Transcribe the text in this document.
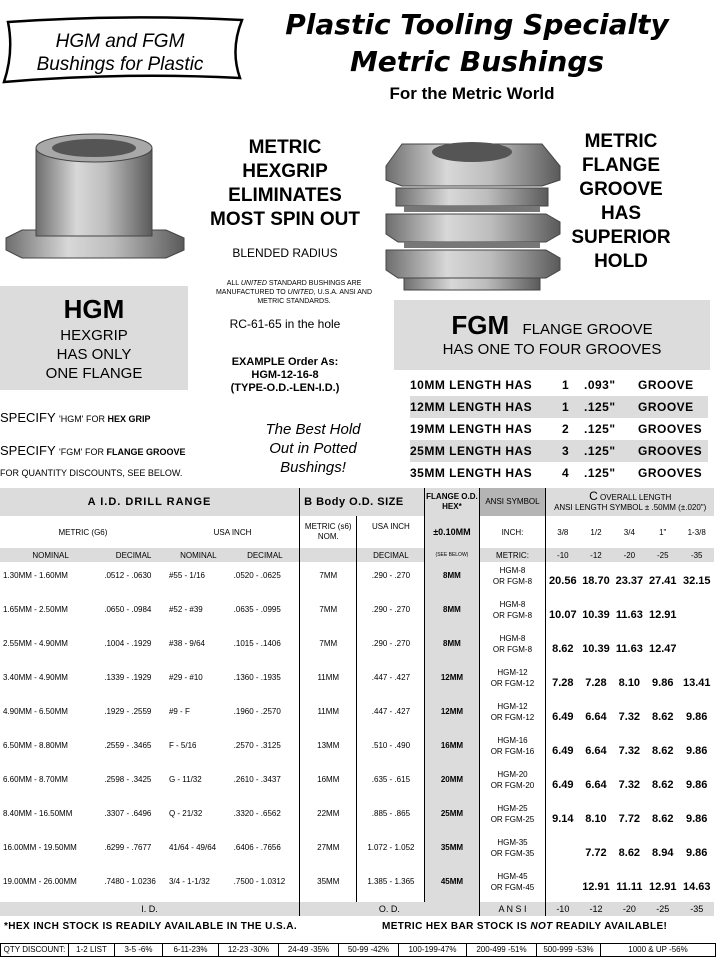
HGM and FGM
Bushings for Plastic
Plastic Tooling Specialty
Metric Bushings
For the Metric World
METRIC
HEXGRIP
ELIMINATES
MOST SPIN OUT
BLENDED RADIUS
ALL UNITED STANDARD BUSHINGS ARE MANUFACTURED TO UNITED, U.S.A. ANSI AND METRIC STANDARDS.
RC-61-65 in the hole
EXAMPLE Order As:
HGM-12-16-8
(TYPE-O.D.-LEN-I.D.)
METRIC
FLANGE
GROOVE
HAS
SUPERIOR
HOLD
HGM
HEXGRIP
HAS ONLY
ONE FLANGE
FGM FLANGE GROOVE
HAS ONE TO FOUR GROOVES
10MM LENGTH HAS	1	.093"	GROOVE
12MM LENGTH HAS	1	.125"	GROOVE
19MM LENGTH HAS	2	.125"	GROOVES
25MM LENGTH HAS	3	.125"	GROOVES
35MM LENGTH HAS	4	.125"	GROOVES
SPECIFY 'HGM' FOR HEX GRIP
SPECIFY 'FGM' FOR FLANGE GROOVE
FOR QUANTITY DISCOUNTS, SEE BELOW.
The Best Hold
Out in Potted
Bushings!
A I.D. DRILL RANGE				B Body O.D. SIZE		FLANGE O.D. HEX*	ANSI SYMBOL	C OVERALL LENGTH
ANSI LENGTH SYMBOL ± .50MM (±.020")				
METRIC (G6)		USA INCH		METRIC (s6)
NOM.	USA INCH	±0.10MM	INCH:	3/8	1/2	3/4	1"	1-3/8
NOMINAL	DECIMAL	NOMINAL	DECIMAL		DECIMAL	(SEE BELOW)	METRIC:	-10	-12	-20	-25	-35
1.30MM - 1.60MM	.0512 - .0630	#55 - 1/16	.0520 - .0625	7MM	.290 - .270	8MM	HGM-8
OR FGM-8	20.56	18.70	23.37	27.41	32.15
1.65MM - 2.50MM	.0650 - .0984	#52 - #39	.0635 - .0995	7MM	.290 - .270	8MM	HGM-8
OR FGM-8	10.07	10.39	11.63	12.91	
2.55MM - 4.90MM	.1004 - .1929	#38 - 9/64	.1015 - .1406	7MM	.290 - .270	8MM	HGM-8
OR FGM-8	8.62	10.39	11.63	12.47	
3.40MM - 4.90MM	.1339 - .1929	#29 - #10	.1360 - .1935	11MM	.447 - .427	12MM	HGM-12
OR FGM-12	7.28	7.28	8.10	9.86	13.41
4.90MM - 6.50MM	.1929 - .2559	#9 - F	.1960 - .2570	11MM	.447 - .427	12MM	HGM-12
OR FGM-12	6.49	6.64	7.32	8.62	9.86
6.50MM - 8.80MM	.2559 - .3465	F - 5/16	.2570 - .3125	13MM	.510 - .490	16MM	HGM-16
OR FGM-16	6.49	6.64	7.32	8.62	9.86
6.60MM - 8.70MM	.2598 - .3425	G - 11/32	.2610 - .3437	16MM	.635 - .615	20MM	HGM-20
OR FGM-20	6.49	6.64	7.32	8.62	9.86
8.40MM - 16.50MM	.3307 - .6496	Q - 21/32	.3320 - .6562	22MM	.885 - .865	25MM	HGM-25
OR FGM-25	9.14	8.10	7.72	8.62	9.86
16.00MM - 19.50MM	.6299 - .7677	41/64 - 49/64	.6406 - .7656	27MM	1.072 - 1.052	35MM	HGM-35
OR FGM-35		7.72	8.62	8.94	9.86
19.00MM - 26.00MM	.7480 - 1.0236	3/4 - 1-1/32	.7500 - 1.0312	35MM	1.385 - 1.365	45MM	HGM-45
OR FGM-45		12.91	11.11	12.91	14.63
I. D.				O. D.			A N S I	-10	-12	-20	-25	-35
*HEX INCH STOCK IS READILY AVAILABLE IN THE U.S.A.	METRIC HEX BAR STOCK IS NOT READILY AVAILABLE!
QTY DISCOUNT:	1-2 LIST	3-5 -6%	6-11-23%	12-23 -30%	24-49 -35%	50-99 -42%	100-199-47%	200-499 -51%	500-999 -53%	1000 & UP -56%
